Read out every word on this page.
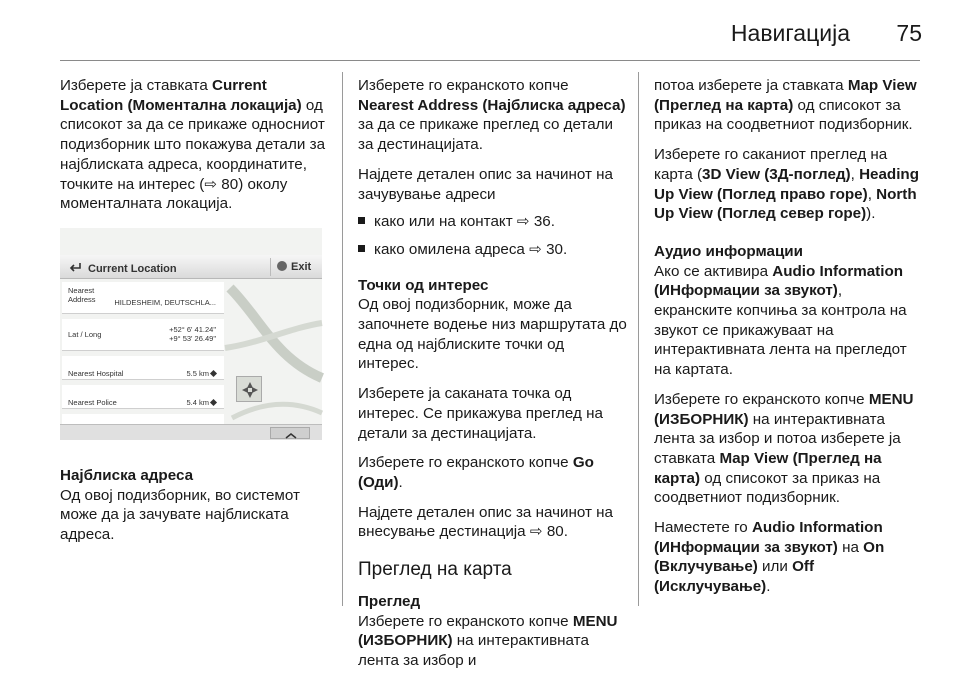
Навигација	75

Изберете ја ставката Current Location (Моментална локација) од списокот за да се прикаже односниот подизборник што покажува детали за најблиската адреса, координатите, точките на интерес (⇨ 80) околу моменталната локација.

Current Location	Exit
Nearest
Address	HILDESHEIM, DEUTSCHLA...
Lat / Long
+52° 6' 41.24"
+9° 53' 26.49"
Nearest Hospital	5.5 km
Nearest Police	5.4 km

Најблиска адреса

Од овој подизборник, во системот може да ја зачувате најблиската адреса.

Изберете го екранското копче Nearest Address (Најблиска адреса) за да се прикаже преглед со детали за дестинацијата.

Најдете детален опис за начинот на зачувување адреси

како или на контакт ⇨ 36.
како омилена адреса ⇨ 30.

Точки од интерес

Од овој подизборник, може да започнете водење низ маршрутата до една од најблиските точки од интерес.

Изберете ја саканата точка од интерес. Се прикажува преглед на детали за дестинацијата.

Изберете го екранското копче Go (Оди).

Најдете детален опис за начинот на внесување дестинација ⇨ 80.

Преглед на карта

Преглед

Изберете го екранското копче MENU (ИЗБОРНИК) на интерактивната лента за избор и

потоа изберете ја ставката Map View (Преглед на карта) од списокот за приказ на соодветниот подизборник.

Изберете го саканиот преглед на карта (3D View (3Д-поглед), Heading Up View (Поглед право горе), North Up View (Поглед север горе)).

Аудио информации

Ако се активира Audio Information (ИНформации за звукот), екранските копчиња за контрола на звукот се прикажуваат на интерактивната лента на прегледот на картата.

Изберете го екранското копче MENU (ИЗБОРНИК) на интерактивната лента за избор и потоа изберете ја ставката Map View (Преглед на карта) од списокот за приказ на соодветниот подизборник.

Наместете го Audio Information (ИНформации за звукот) на On (Вклучување) или Off (Исклучување).
